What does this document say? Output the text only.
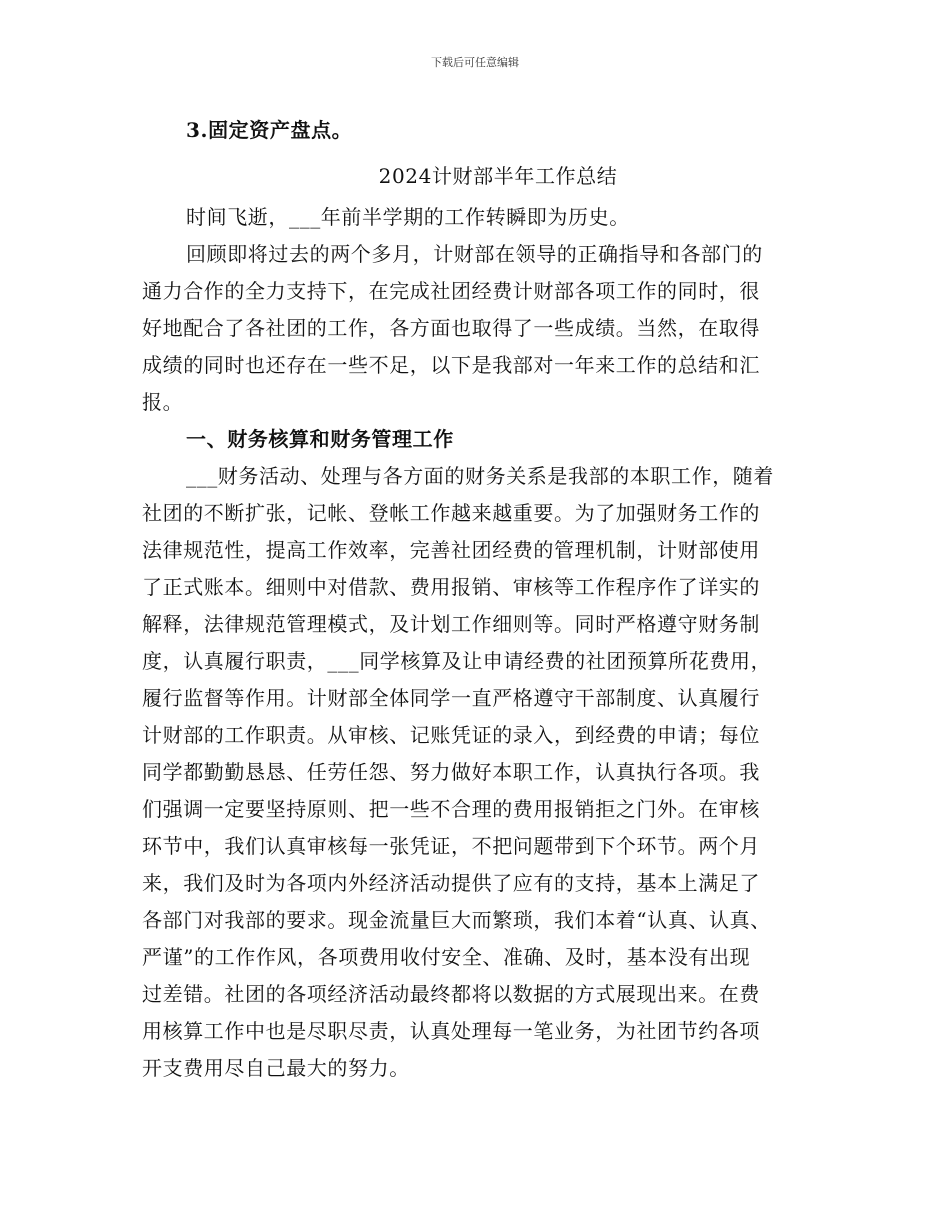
下载后可任意编辑
3.固定资产盘点。
2024计财部半年工作总结
时间飞逝，___年前半学期的工作转瞬即为历史。
回顾即将过去的两个多月，计财部在领导的正确指导和各部门的
通力合作的全力支持下，在完成社团经费计财部各项工作的同时，很
好地配合了各社团的工作，各方面也取得了一些成绩。当然，在取得
成绩的同时也还存在一些不足，以下是我部对一年来工作的总结和汇
报。
一、财务核算和财务管理工作
___财务活动、处理与各方面的财务关系是我部的本职工作，随着
社团的不断扩张，记帐、登帐工作越来越重要。为了加强财务工作的
法律规范性，提高工作效率，完善社团经费的管理机制，计财部使用
了正式账本。细则中对借款、费用报销、审核等工作程序作了详实的
解释，法律规范管理模式，及计划工作细则等。同时严格遵守财务制
度，认真履行职责，___同学核算及让申请经费的社团预算所花费用，
履行监督等作用。计财部全体同学一直严格遵守干部制度、认真履行
计财部的工作职责。从审核、记账凭证的录入，到经费的申请；每位
同学都勤勤恳恳、任劳任怨、努力做好本职工作，认真执行各项。我
们强调一定要坚持原则、把一些不合理的费用报销拒之门外。在审核
环节中，我们认真审核每一张凭证，不把问题带到下个环节。两个月
来，我们及时为各项内外经济活动提供了应有的支持，基本上满足了
各部门对我部的要求。现金流量巨大而繁琐，我们本着“认真、认真、
严谨”的工作作风，各项费用收付安全、准确、及时，基本没有出现
过差错。社团的各项经济活动最终都将以数据的方式展现出来。在费
用核算工作中也是尽职尽责，认真处理每一笔业务，为社团节约各项
开支费用尽自己最大的努力。
